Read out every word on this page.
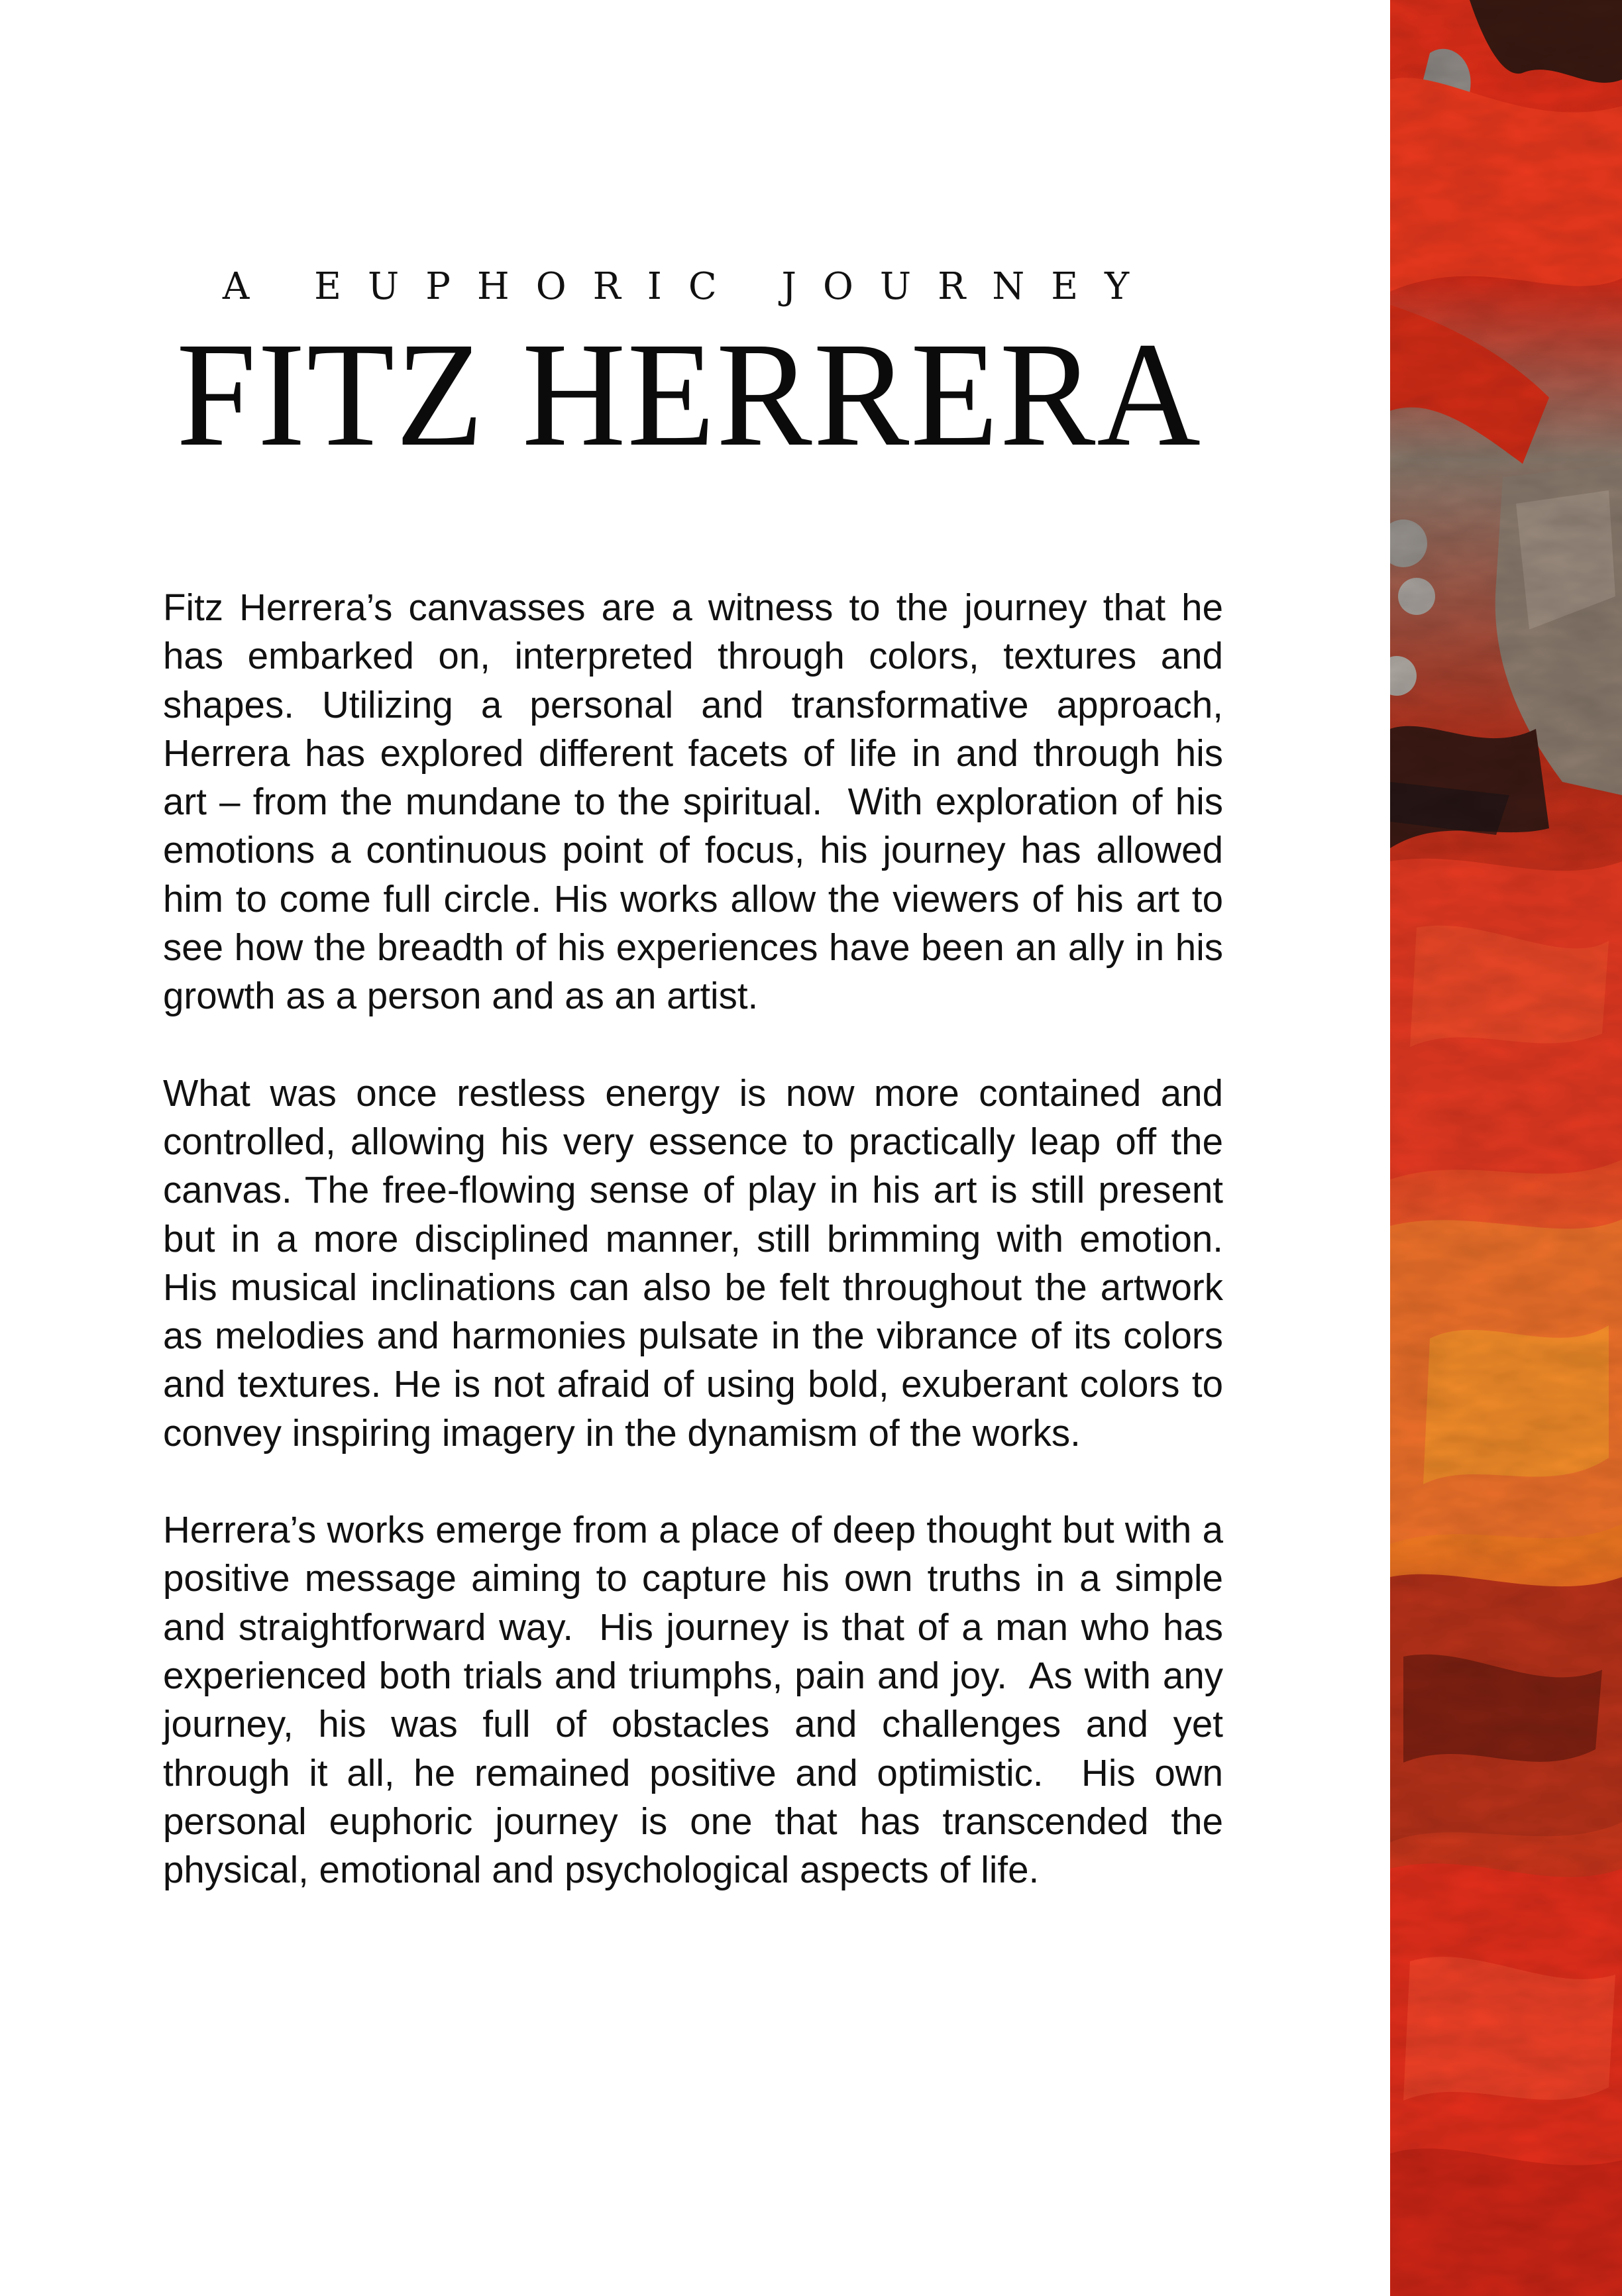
A EUPHORIC JOURNEY
FITZ HERRERA

Fitz Herrera’s canvasses are a witness to the journey that he has embarked on, interpreted through colors, textures and shapes. Utilizing a personal and transformative approach, Herrera has explored different facets of life in and through his art – from the mundane to the spiritual.  With exploration of his emotions a continuous point of focus, his journey has allowed him to come full circle. His works allow the viewers of his art to see how the breadth of his experiences have been an ally in his growth as a person and as an artist.

What was once restless energy is now more contained and controlled, allowing his very essence to practically leap off the canvas. The free-flowing sense of play in his art is still present but in a more disciplined manner, still brimming with emotion.   His musical inclinations can also be felt throughout the artwork as melodies and harmonies pulsate in the vibrance of its colors and textures. He is not afraid of using bold, exuberant colors to convey inspiring imagery in the dynamism of the works.

Herrera’s works emerge from a place of deep thought but with a positive message aiming to capture his own truths in a simple and straightforward way.  His journey is that of a man who has experienced both trials and triumphs, pain and joy.  As with any journey, his was full of obstacles and challenges and yet through it all, he remained positive and optimistic.  His own personal euphoric journey is one that has transcended the physical, emotional and psychological aspects of life.
